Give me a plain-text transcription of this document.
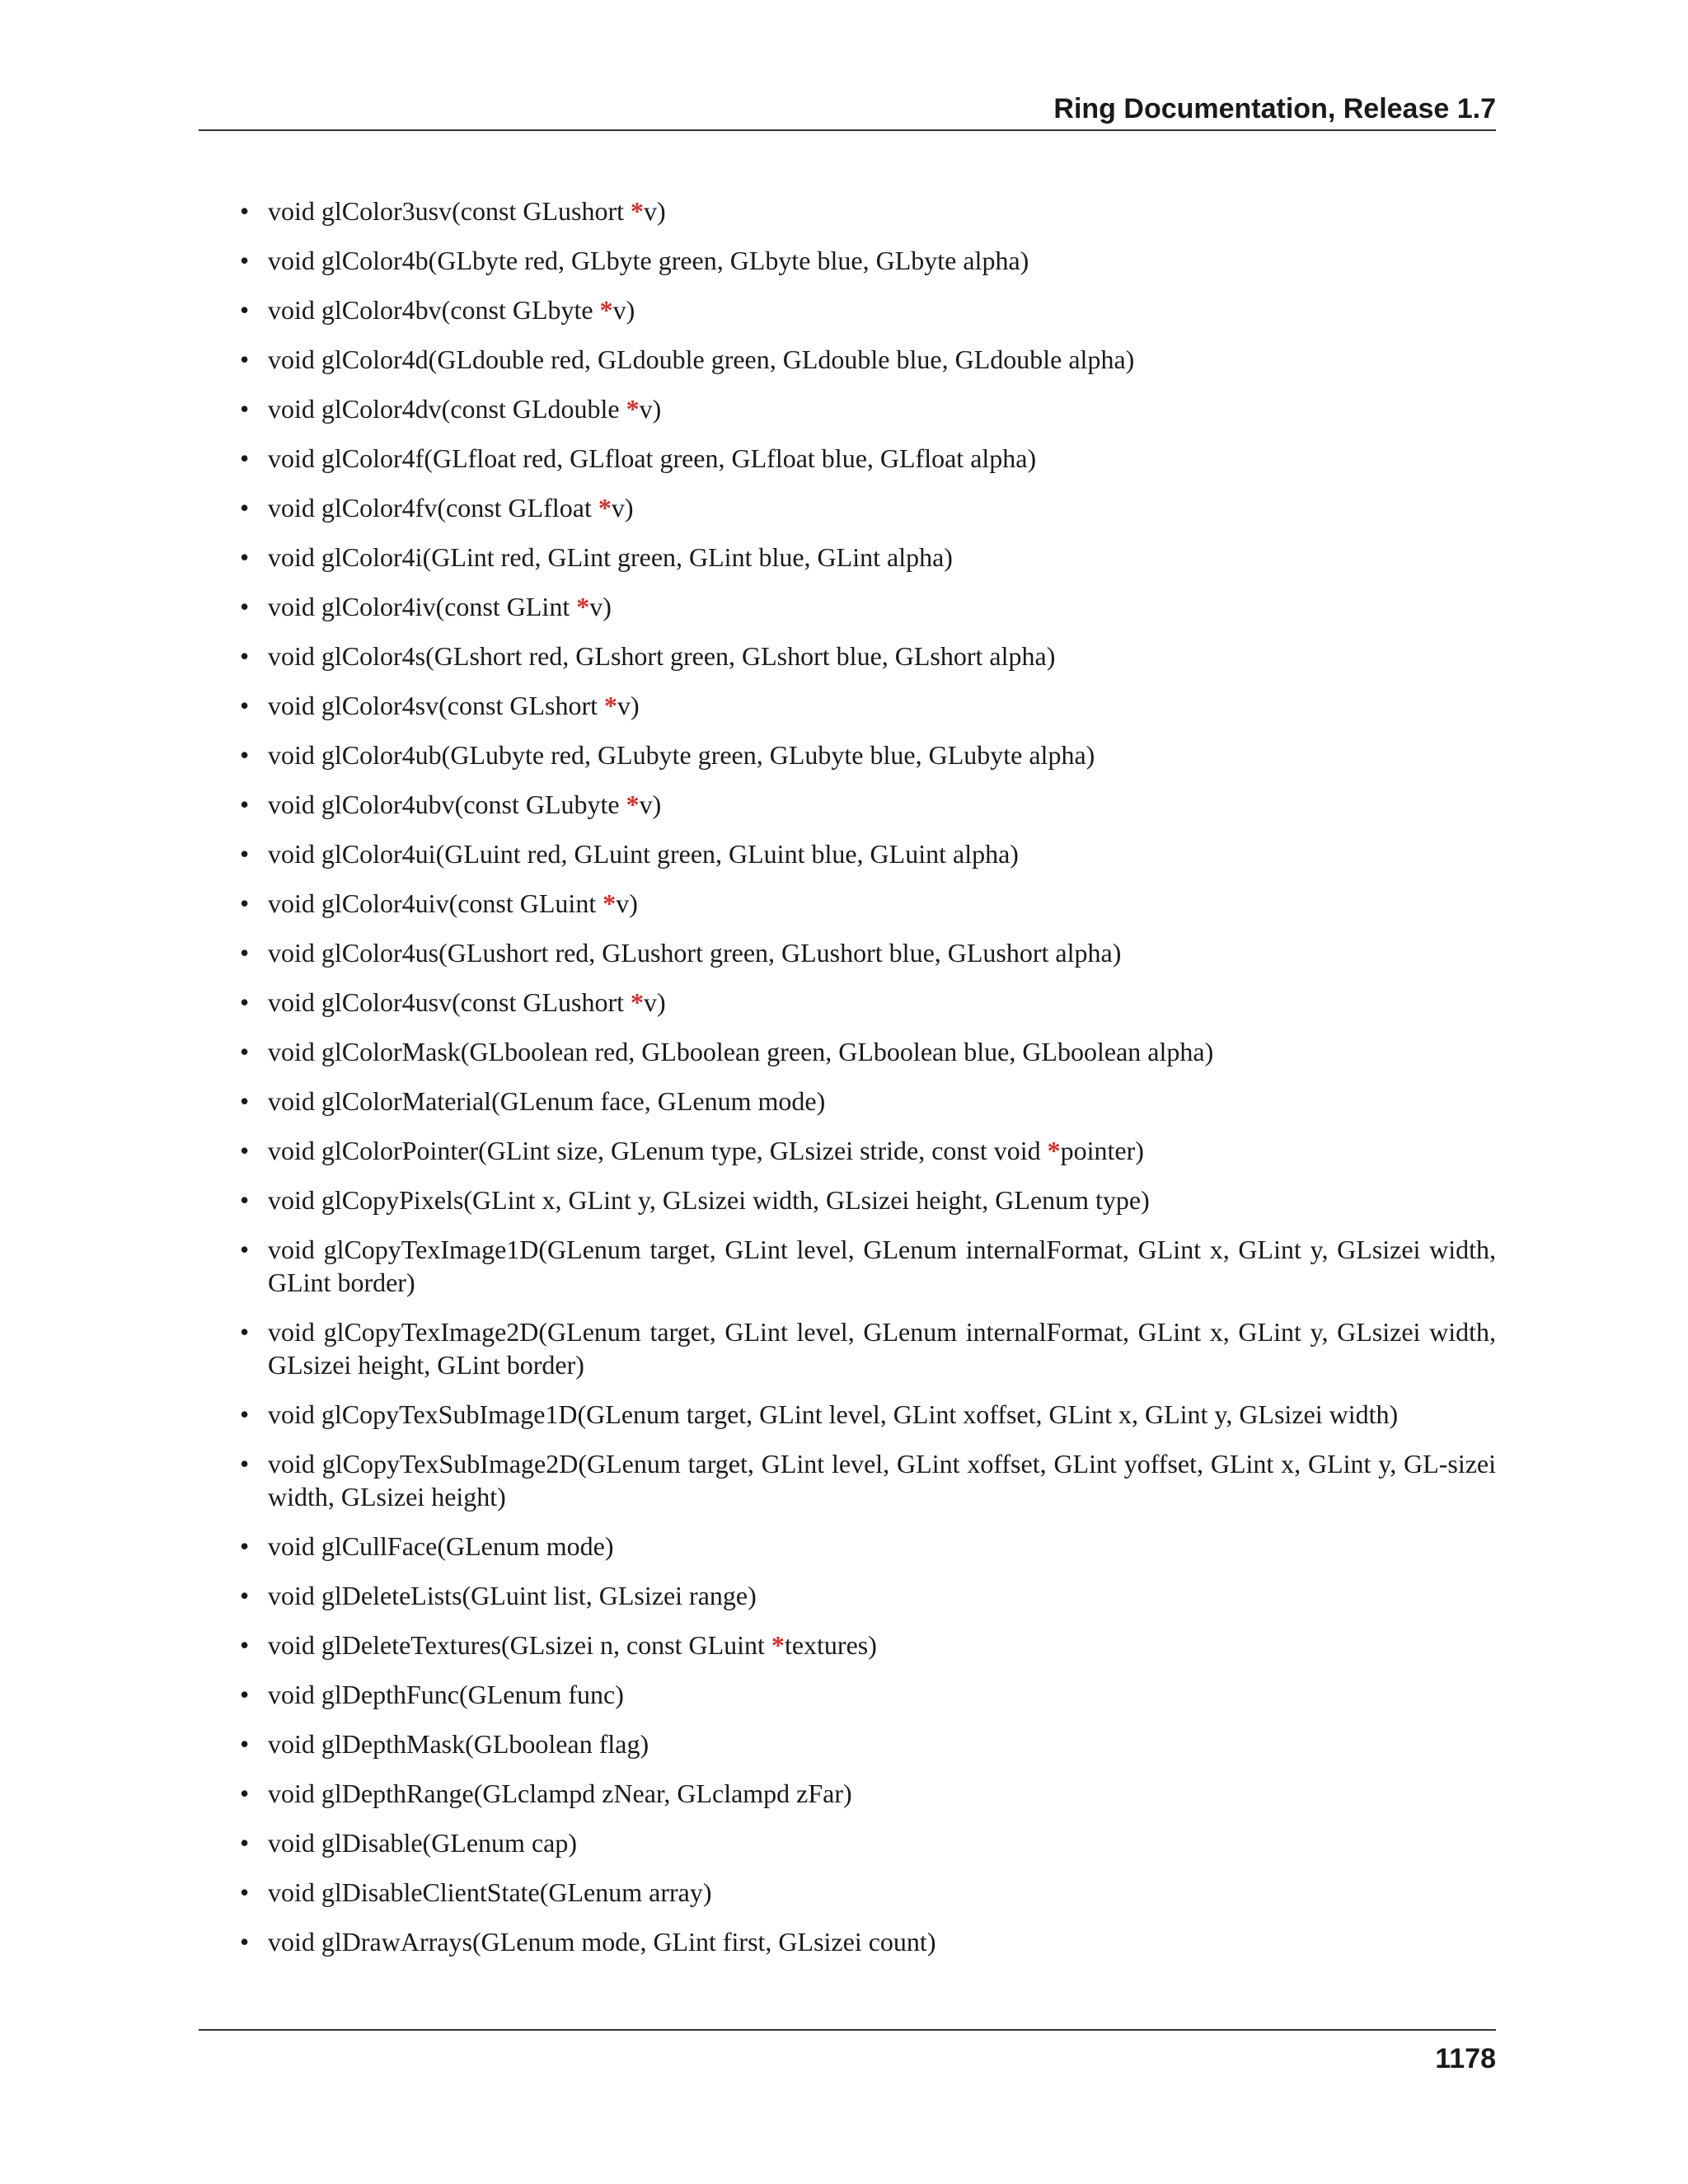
Ring Documentation, Release 1.7
• void glColor3usv(const GLushort *v)
• void glColor4b(GLbyte red, GLbyte green, GLbyte blue, GLbyte alpha)
• void glColor4bv(const GLbyte *v)
• void glColor4d(GLdouble red, GLdouble green, GLdouble blue, GLdouble alpha)
• void glColor4dv(const GLdouble *v)
• void glColor4f(GLfloat red, GLfloat green, GLfloat blue, GLfloat alpha)
• void glColor4fv(const GLfloat *v)
• void glColor4i(GLint red, GLint green, GLint blue, GLint alpha)
• void glColor4iv(const GLint *v)
• void glColor4s(GLshort red, GLshort green, GLshort blue, GLshort alpha)
• void glColor4sv(const GLshort *v)
• void glColor4ub(GLubyte red, GLubyte green, GLubyte blue, GLubyte alpha)
• void glColor4ubv(const GLubyte *v)
• void glColor4ui(GLuint red, GLuint green, GLuint blue, GLuint alpha)
• void glColor4uiv(const GLuint *v)
• void glColor4us(GLushort red, GLushort green, GLushort blue, GLushort alpha)
• void glColor4usv(const GLushort *v)
• void glColorMask(GLboolean red, GLboolean green, GLboolean blue, GLboolean alpha)
• void glColorMaterial(GLenum face, GLenum mode)
• void glColorPointer(GLint size, GLenum type, GLsizei stride, const void *pointer)
• void glCopyPixels(GLint x, GLint y, GLsizei width, GLsizei height, GLenum type)
• void glCopyTexImage1D(GLenum target, GLint level, GLenum internalFormat, GLint x, GLint y, GLsizei width, GLint border)
• void glCopyTexImage2D(GLenum target, GLint level, GLenum internalFormat, GLint x, GLint y, GLsizei width, GLsizei height, GLint border)
• void glCopyTexSubImage1D(GLenum target, GLint level, GLint xoffset, GLint x, GLint y, GLsizei width)
• void glCopyTexSubImage2D(GLenum target, GLint level, GLint xoffset, GLint yoffset, GLint x, GLint y, GL-sizei width, GLsizei height)
• void glCullFace(GLenum mode)
• void glDeleteLists(GLuint list, GLsizei range)
• void glDeleteTextures(GLsizei n, const GLuint *textures)
• void glDepthFunc(GLenum func)
• void glDepthMask(GLboolean flag)
• void glDepthRange(GLclampd zNear, GLclampd zFar)
• void glDisable(GLenum cap)
• void glDisableClientState(GLenum array)
• void glDrawArrays(GLenum mode, GLint first, GLsizei count)
1178
